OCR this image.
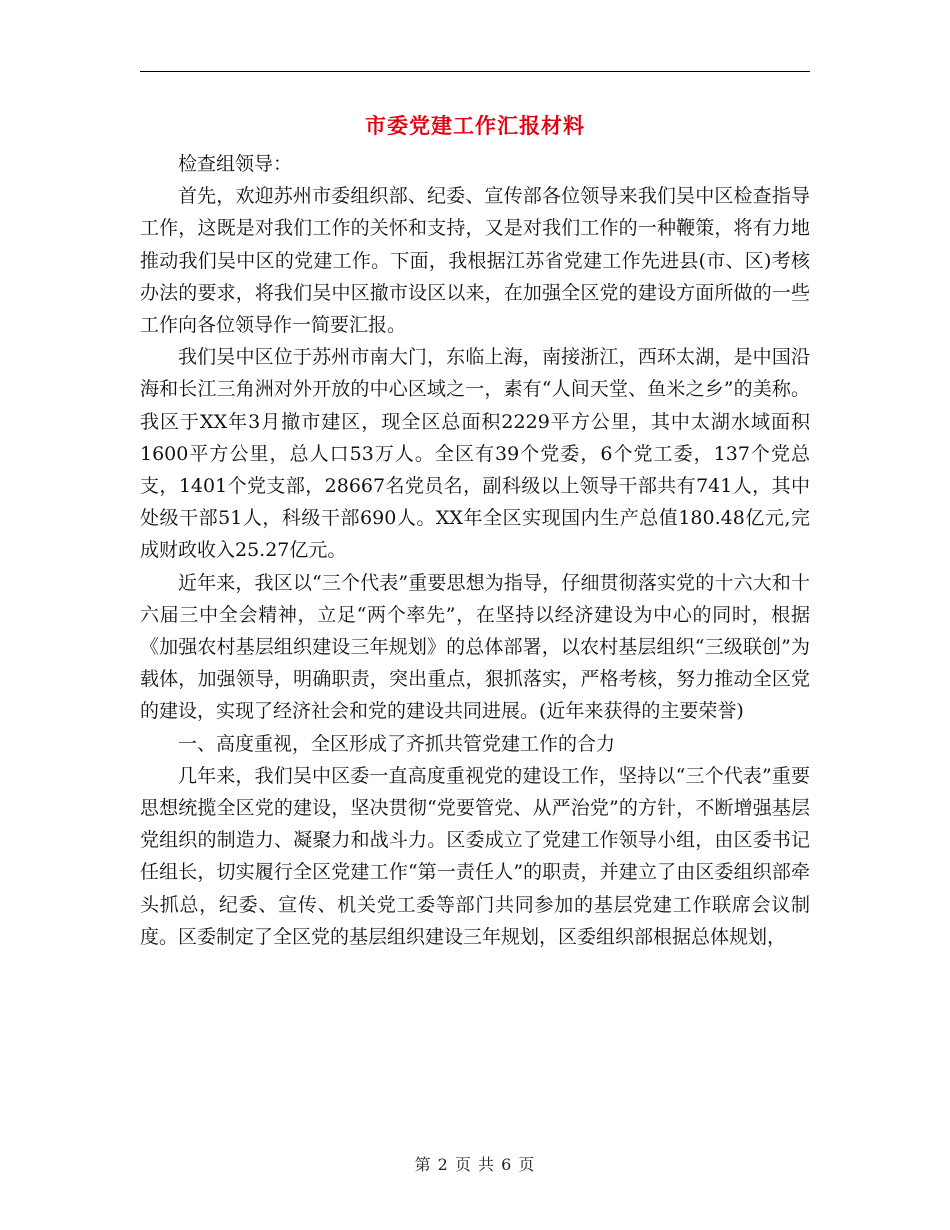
市委党建工作汇报材料

检查组领导：

首先，欢迎苏州市委组织部、纪委、宣传部各位领导来我们吴中区检查指导工作，这既是对我们工作的关怀和支持，又是对我们工作的一种鞭策，将有力地推动我们吴中区的党建工作。下面，我根据江苏省党建工作先进县(市、区)考核办法的要求，将我们吴中区撤市设区以来，在加强全区党的建设方面所做的一些工作向各位领导作一简要汇报。

我们吴中区位于苏州市南大门，东临上海，南接浙江，西环太湖，是中国沿海和长江三角洲对外开放的中心区域之一，素有“人间天堂、鱼米之乡”的美称。我区于XX年3月撤市建区，现全区总面积2229平方公里，其中太湖水域面积1600平方公里，总人口53万人。全区有39个党委，6个党工委，137个党总支，1401个党支部，28667名党员名，副科级以上领导干部共有741人，其中处级干部51人，科级干部690人。XX年全区实现国内生产总值180.48亿元,完成财政收入25.27亿元。

近年来，我区以“三个代表”重要思想为指导，仔细贯彻落实党的十六大和十六届三中全会精神，立足“两个率先”，在坚持以经济建设为中心的同时，根据《加强农村基层组织建设三年规划》的总体部署，以农村基层组织“三级联创”为载体，加强领导，明确职责，突出重点，狠抓落实，严格考核，努力推动全区党的建设，实现了经济社会和党的建设共同进展。(近年来获得的主要荣誉)

一、高度重视，全区形成了齐抓共管党建工作的合力

几年来，我们吴中区委一直高度重视党的建设工作，坚持以“三个代表”重要思想统揽全区党的建设，坚决贯彻“党要管党、从严治党”的方针，不断增强基层党组织的制造力、凝聚力和战斗力。区委成立了党建工作领导小组，由区委书记任组长，切实履行全区党建工作“第一责任人”的职责，并建立了由区委组织部牵头抓总，纪委、宣传、机关党工委等部门共同参加的基层党建工作联席会议制度。区委制定了全区党的基层组织建设三年规划，区委组织部根据总体规划，

第 2 页 共 6 页
